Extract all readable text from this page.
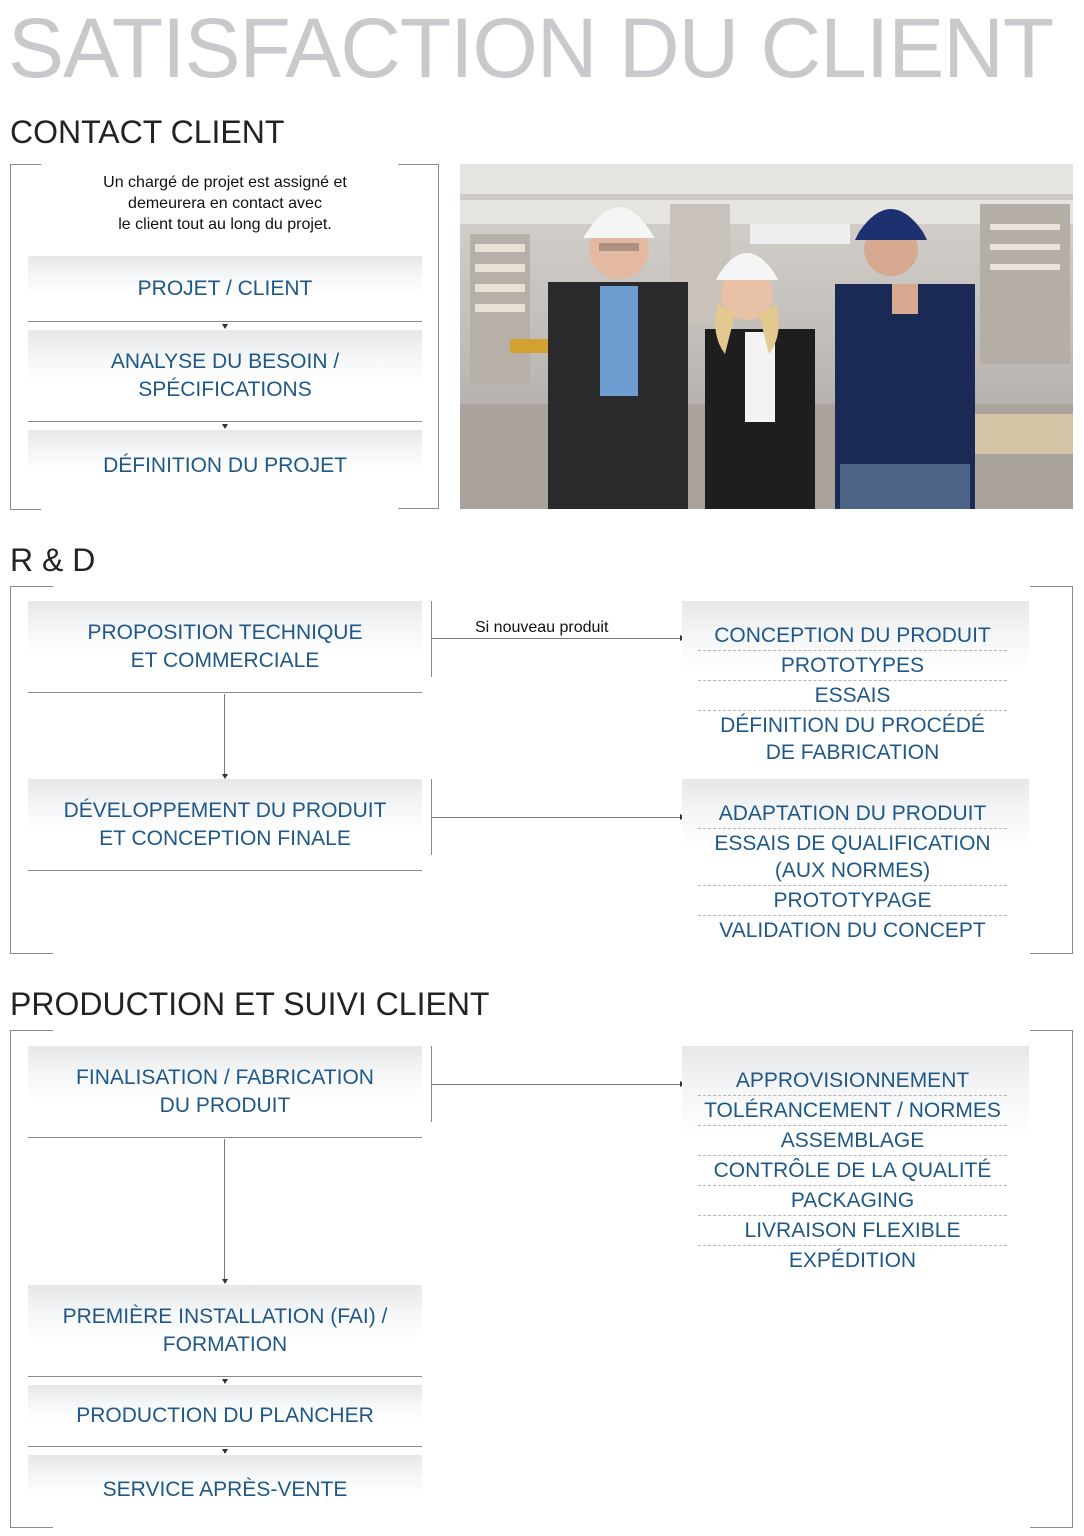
SATISFACTION DU CLIENT
CONTACT CLIENT
Un chargé de projet est assigné et
demeurera en contact avec
le client tout au long du projet.
PROJET / CLIENT
ANALYSE DU BESOIN /
SPÉCIFICATIONS
DÉFINITION DU PROJET
R & D
PROPOSITION TECHNIQUE
ET COMMERCIALE
Si nouveau produit
DÉVELOPPEMENT DU PRODUIT
ET CONCEPTION FINALE
CONCEPTION DU PRODUIT
PROTOTYPES
ESSAIS
DÉFINITION DU PROCÉDÉ
DE FABRICATION
ADAPTATION DU PRODUIT
ESSAIS DE QUALIFICATION
(AUX NORMES)
PROTOTYPAGE
VALIDATION DU CONCEPT
PRODUCTION ET SUIVI CLIENT
FINALISATION / FABRICATION
DU PRODUIT
PREMIÈRE INSTALLATION (FAI) /
FORMATION
PRODUCTION DU PLANCHER
SERVICE APRÈS-VENTE
APPROVISIONNEMENT
TOLÉRANCEMENT / NORMES
ASSEMBLAGE
CONTRÔLE DE LA QUALITÉ
PACKAGING
LIVRAISON FLEXIBLE
EXPÉDITION
